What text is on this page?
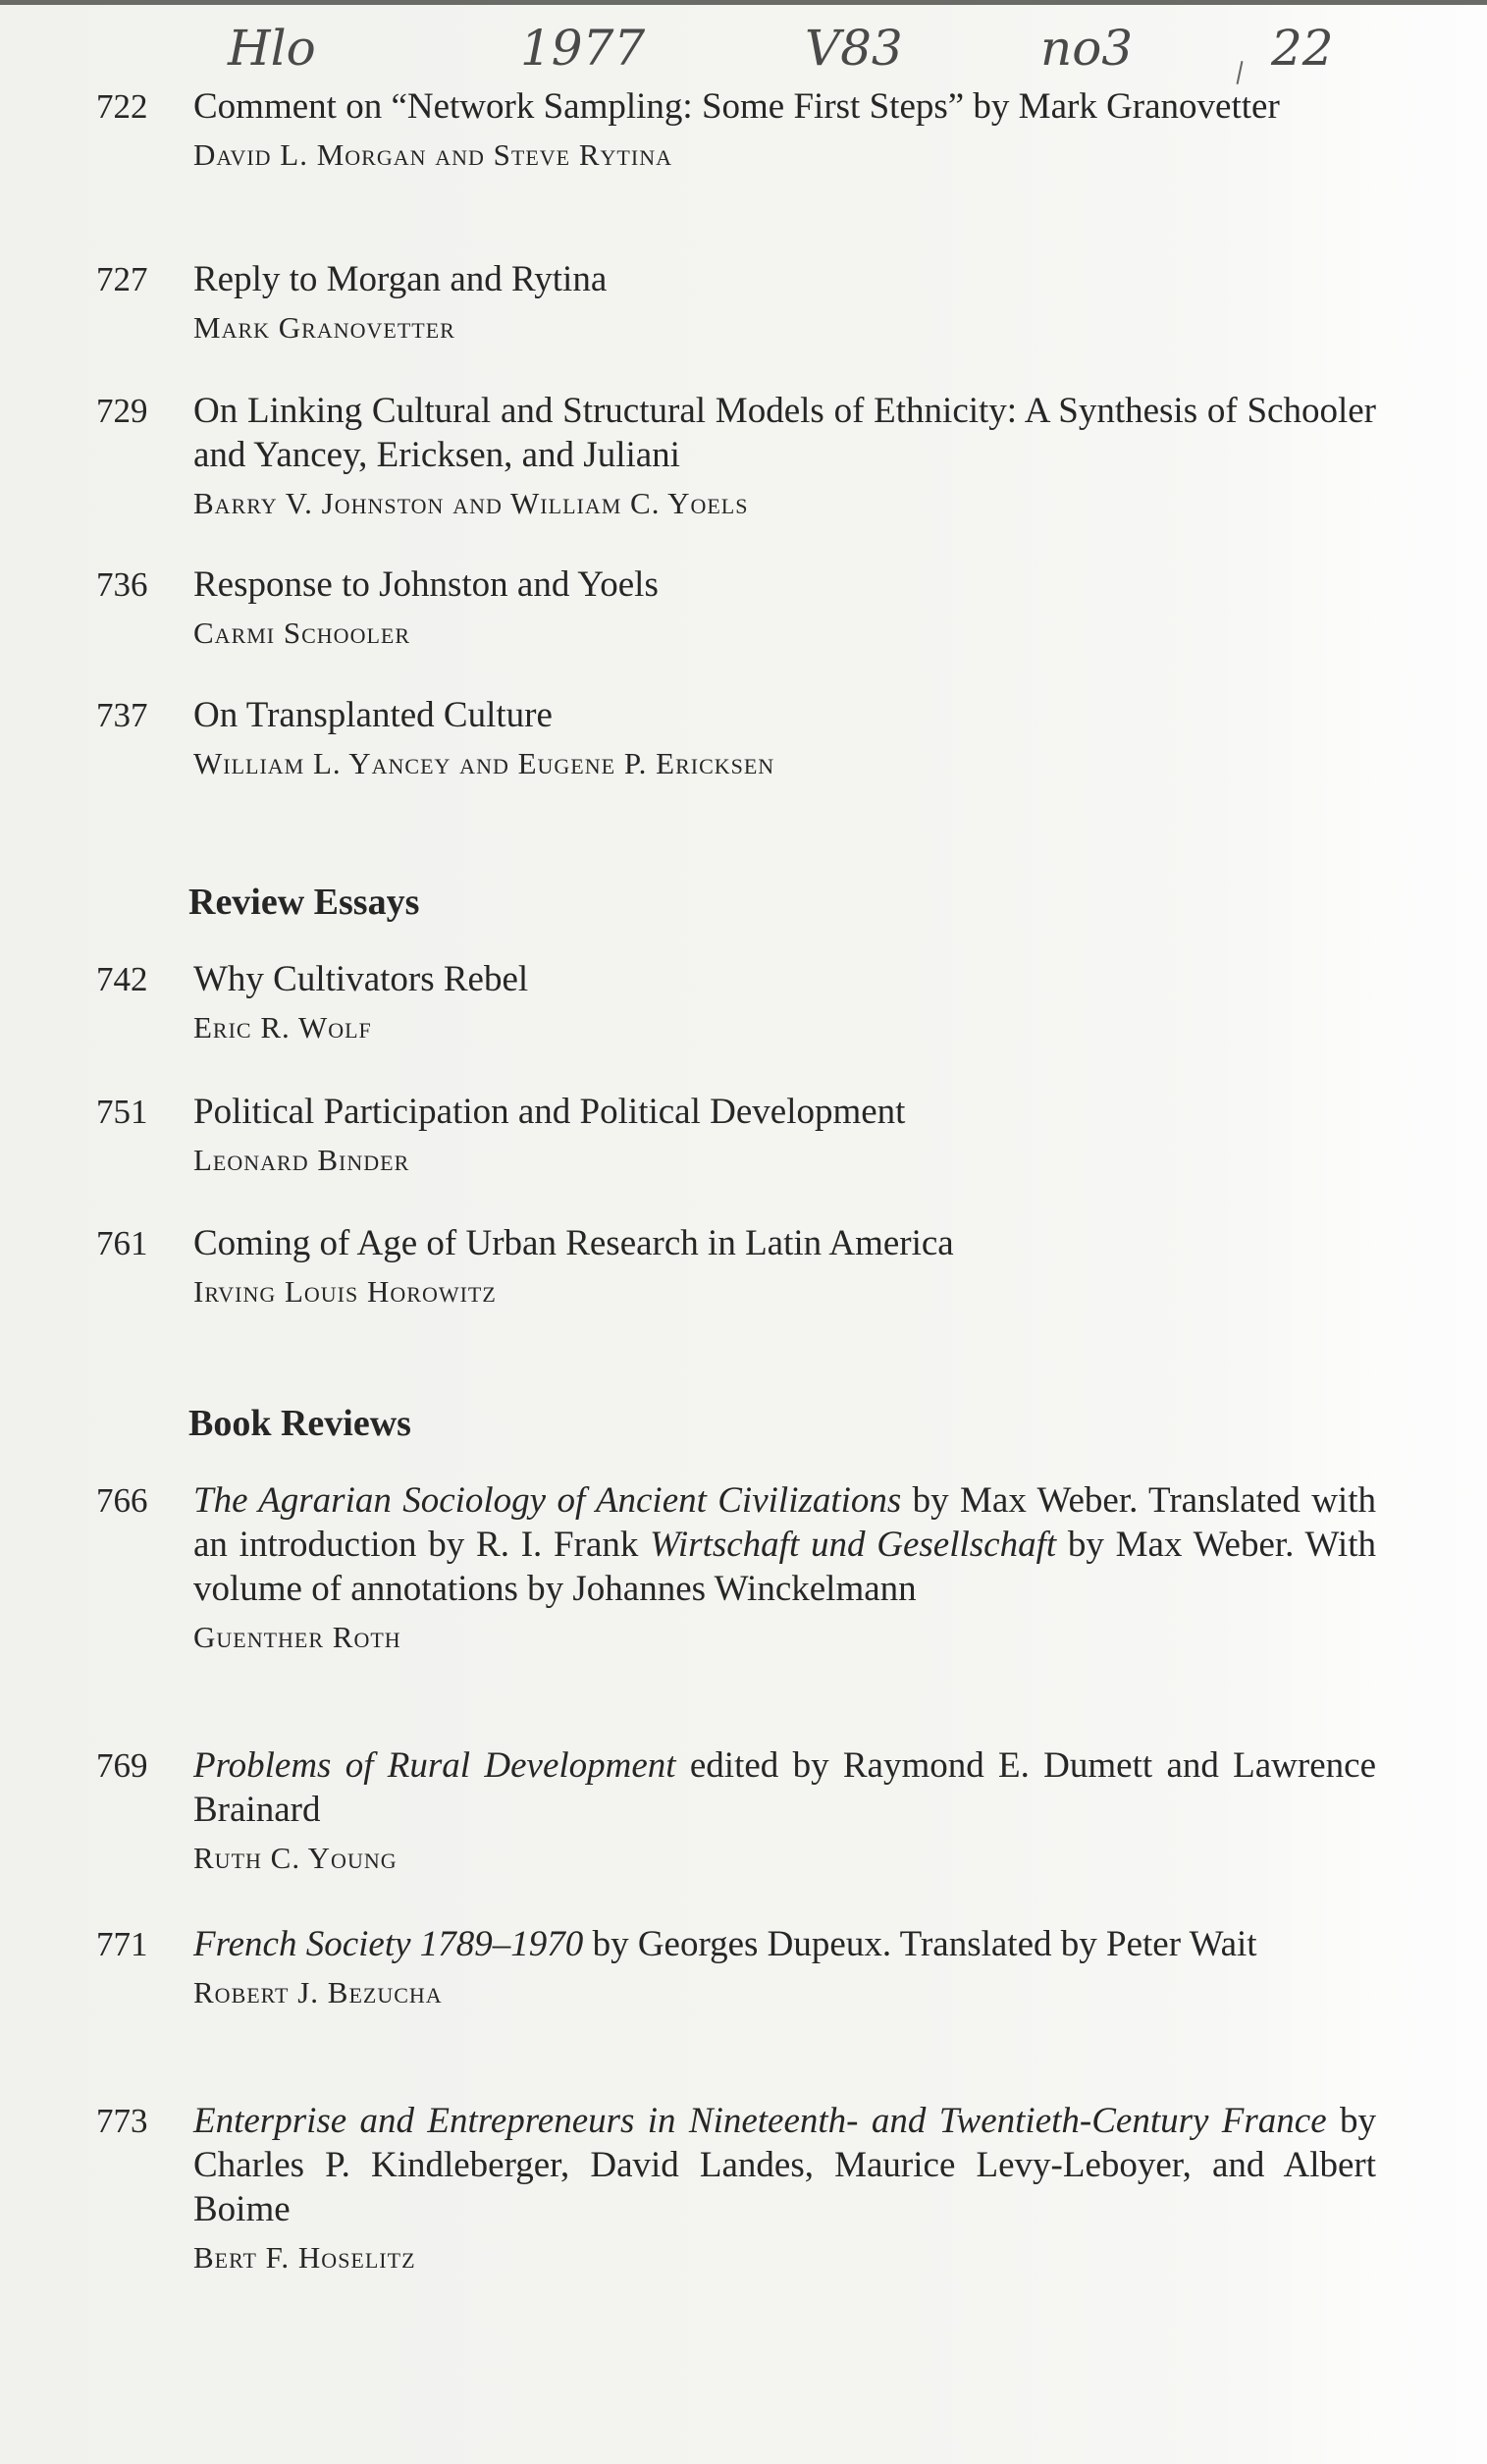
Hlo	1977	V83	no3	22
722 Comment on “Network Sampling: Some First Steps” by Mark Granovetter
David L. Morgan and Steve Rytina
727 Reply to Morgan and Rytina
Mark Granovetter
729 On Linking Cultural and Structural Models of Ethnicity: A Synthesis of Schooler and Yancey, Ericksen, and Juliani
Barry V. Johnston and William C. Yoels
736 Response to Johnston and Yoels
Carmi Schooler
737 On Transplanted Culture
William L. Yancey and Eugene P. Ericksen
Review Essays
742 Why Cultivators Rebel
Eric R. Wolf
751 Political Participation and Political Development
Leonard Binder
761 Coming of Age of Urban Research in Latin America
Irving Louis Horowitz
Book Reviews
766 The Agrarian Sociology of Ancient Civilizations by Max Weber. Translated with an introduction by R. I. Frank Wirtschaft und Gesellschaft by Max Weber. With volume of annotations by Johannes Winckelmann
Guenther Roth
769 Problems of Rural Development edited by Raymond E. Dumett and Lawrence Brainard
Ruth C. Young
771 French Society 1789–1970 by Georges Dupeux. Translated by Peter Wait
Robert J. Bezucha
773 Enterprise and Entrepreneurs in Nineteenth- and Twentieth-Century France by Charles P. Kindleberger, David Landes, Maurice Levy-Leboyer, and Albert Boime
Bert F. Hoselitz
